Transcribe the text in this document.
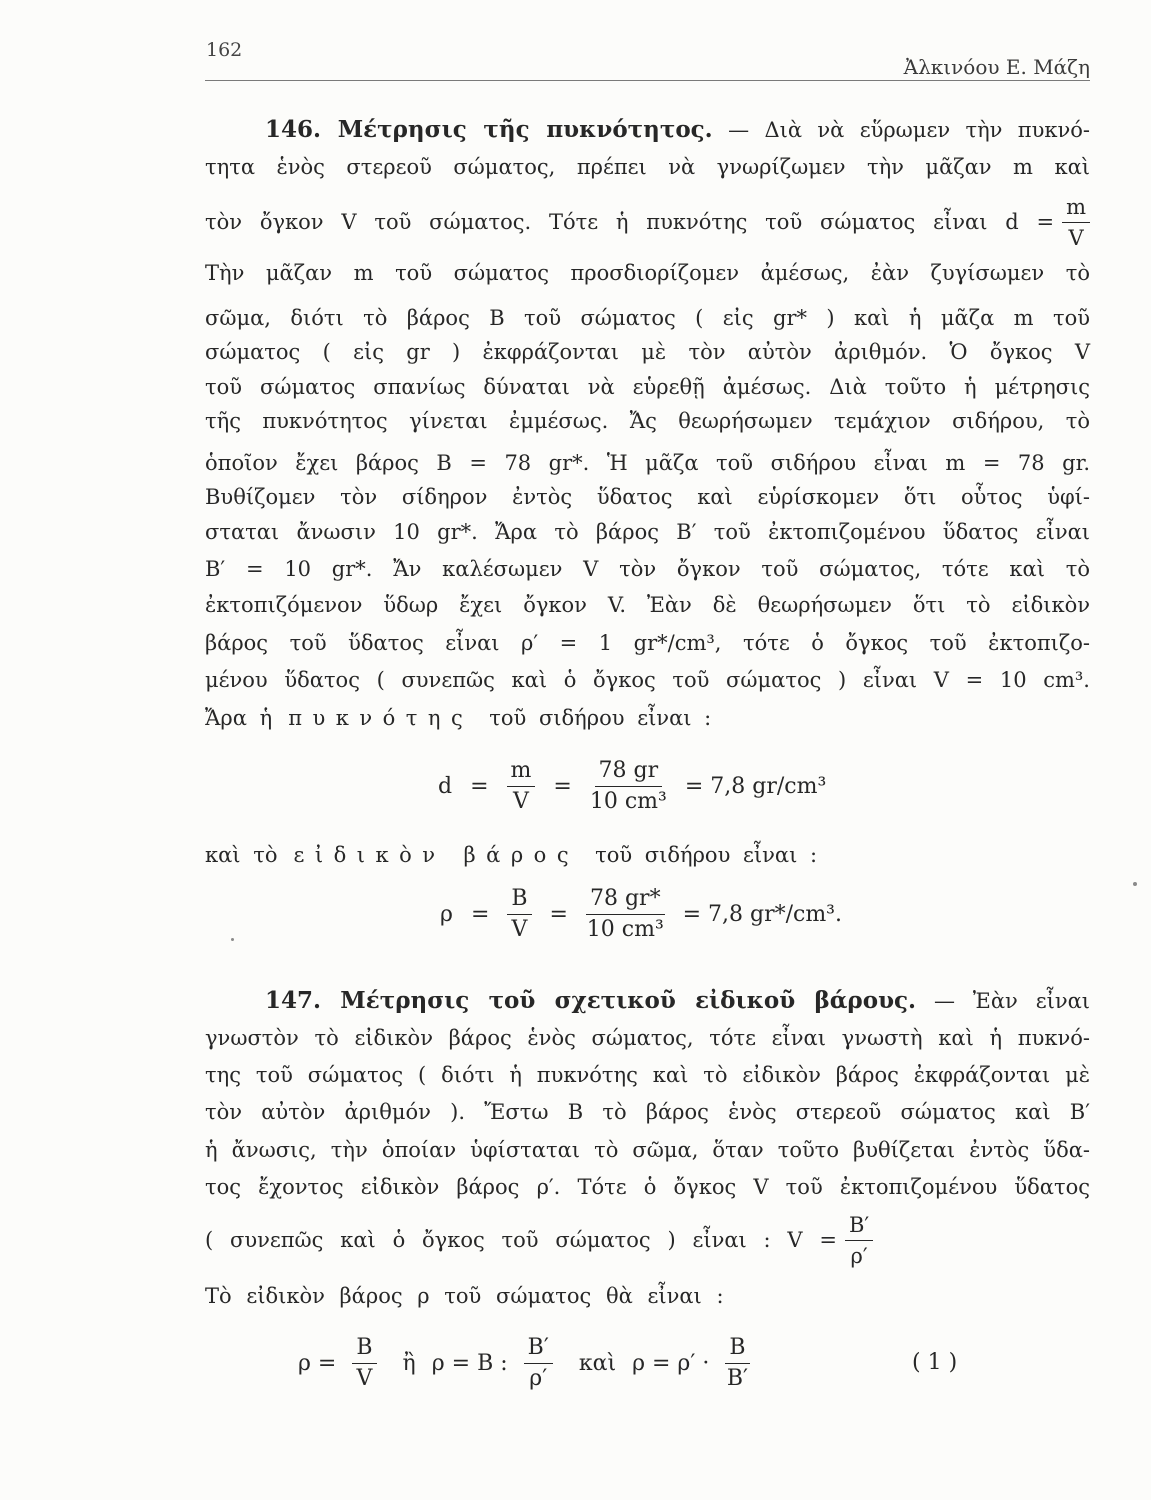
162
Ἀλκινόου Ε. Μάζη
146. Μέτρησις τῆς πυκνότητος. — Διὰ νὰ εὕρωμεν τὴν πυκνό-
τητα ἑνὸς στερεοῦ σώματος, πρέπει νὰ γνωρίζωμεν τὴν μᾶζαν m καὶ
τὸν ὄγκον V τοῦ σώματος. Τότε ἡ πυκνότης τοῦ σώματος εἶναι $d = \frac{m}{V}$
Τὴν μᾶζαν m τοῦ σώματος προσδιορίζομεν ἀμέσως, ἐὰν ζυγίσωμεν τὸ
σῶμα, διότι τὸ βάρος Β τοῦ σώματος ( εἰς gr* ) καὶ ἡ μᾶζα m τοῦ
σώματος ( εἰς gr ) ἐκφράζονται μὲ τὸν αὐτὸν ἀριθμόν. Ὁ ὄγκος V
τοῦ σώματος σπανίως δύναται νὰ εὑρεθῇ ἀμέσως. Διὰ τοῦτο ἡ μέτρησις
τῆς πυκνότητος γίνεται ἐμμέσως. Ἄς θεωρήσωμεν τεμάχιον σιδήρου, τὸ
ὁποῖον ἔχει βάρος Β = 78 gr*. Ἡ μᾶζα τοῦ σιδήρου εἶναι m = 78 gr.
Βυθίζομεν τὸν σίδηρον ἐντὸς ὕδατος καὶ εὑρίσκομεν ὅτι οὗτος ὑφί-
σταται ἄνωσιν 10 gr*. Ἄρα τὸ βάρος Β′ τοῦ ἐκτοπιζομένου ὕδατος εἶναι
Β′ = 10 gr*. Ἄν καλέσωμεν V τὸν ὄγκον τοῦ σώματος, τότε καὶ τὸ
ἐκτοπιζόμενον ὕδωρ ἔχει ὄγκον V. Ἐὰν δὲ θεωρήσωμεν ὅτι τὸ εἰδικὸν
βάρος τοῦ ὕδατος εἶναι ρ′ = 1 gr*/cm³, τότε ὁ ὄγκος τοῦ ἐκτοπιζο-
μένου ὕδατος ( συνεπῶς καὶ ὁ ὄγκος τοῦ σώματος ) εἶναι V = 10 cm³.
Ἄρα ἡ πυκνότης τοῦ σιδήρου εἶναι :
$d = \frac{m}{V} = \frac{78 gr}{\text{10 cm³}} = 7,8$ gr/cm³
καὶ τὸ εἰδικὸν βάρος τοῦ σιδήρου εἶναι :
$\rho = \frac{B}{V} = \frac{78 gr*}{\text{10 cm³}} = 7,8$ gr*/cm³.
147. Μέτρησις τοῦ σχετικοῦ εἰδικοῦ βάρους. — Ἐὰν εἶναι
γνωστὸν τὸ εἰδικὸν βάρος ἑνὸς σώματος, τότε εἶναι γνωστὴ καὶ ἡ πυκνό-
της τοῦ σώματος ( διότι ἡ πυκνότης καὶ τὸ εἰδικὸν βάρος ἐκφράζονται μὲ
τὸν αὐτὸν ἀριθμόν ). Ἔστω Β τὸ βάρος ἑνὸς στερεοῦ σώματος καὶ Β′
ἡ ἄνωσις, τὴν ὁποίαν ὑφίσταται τὸ σῶμα, ὅταν τοῦτο βυθίζεται ἐντὸς ὕδα-
τος ἔχοντος εἰδικὸν βάρος ρ′. Τότε ὁ ὄγκος V τοῦ ἐκτοπιζομένου ὕδατος
( συνεπῶς καὶ ὁ ὄγκος τοῦ σώματος ) εἶναι : $V = \frac{B'}{\rho'}$
Τὸ εἰδικὸν βάρος ρ τοῦ σώματος θὰ εἶναι :
$\rho = \frac{B}{V}$ ἢ ρ = Β : $\frac{B'}{\rho'}$ καὶ $\rho = \rho' \cdot \frac{B}{B'}$	( 1 )
